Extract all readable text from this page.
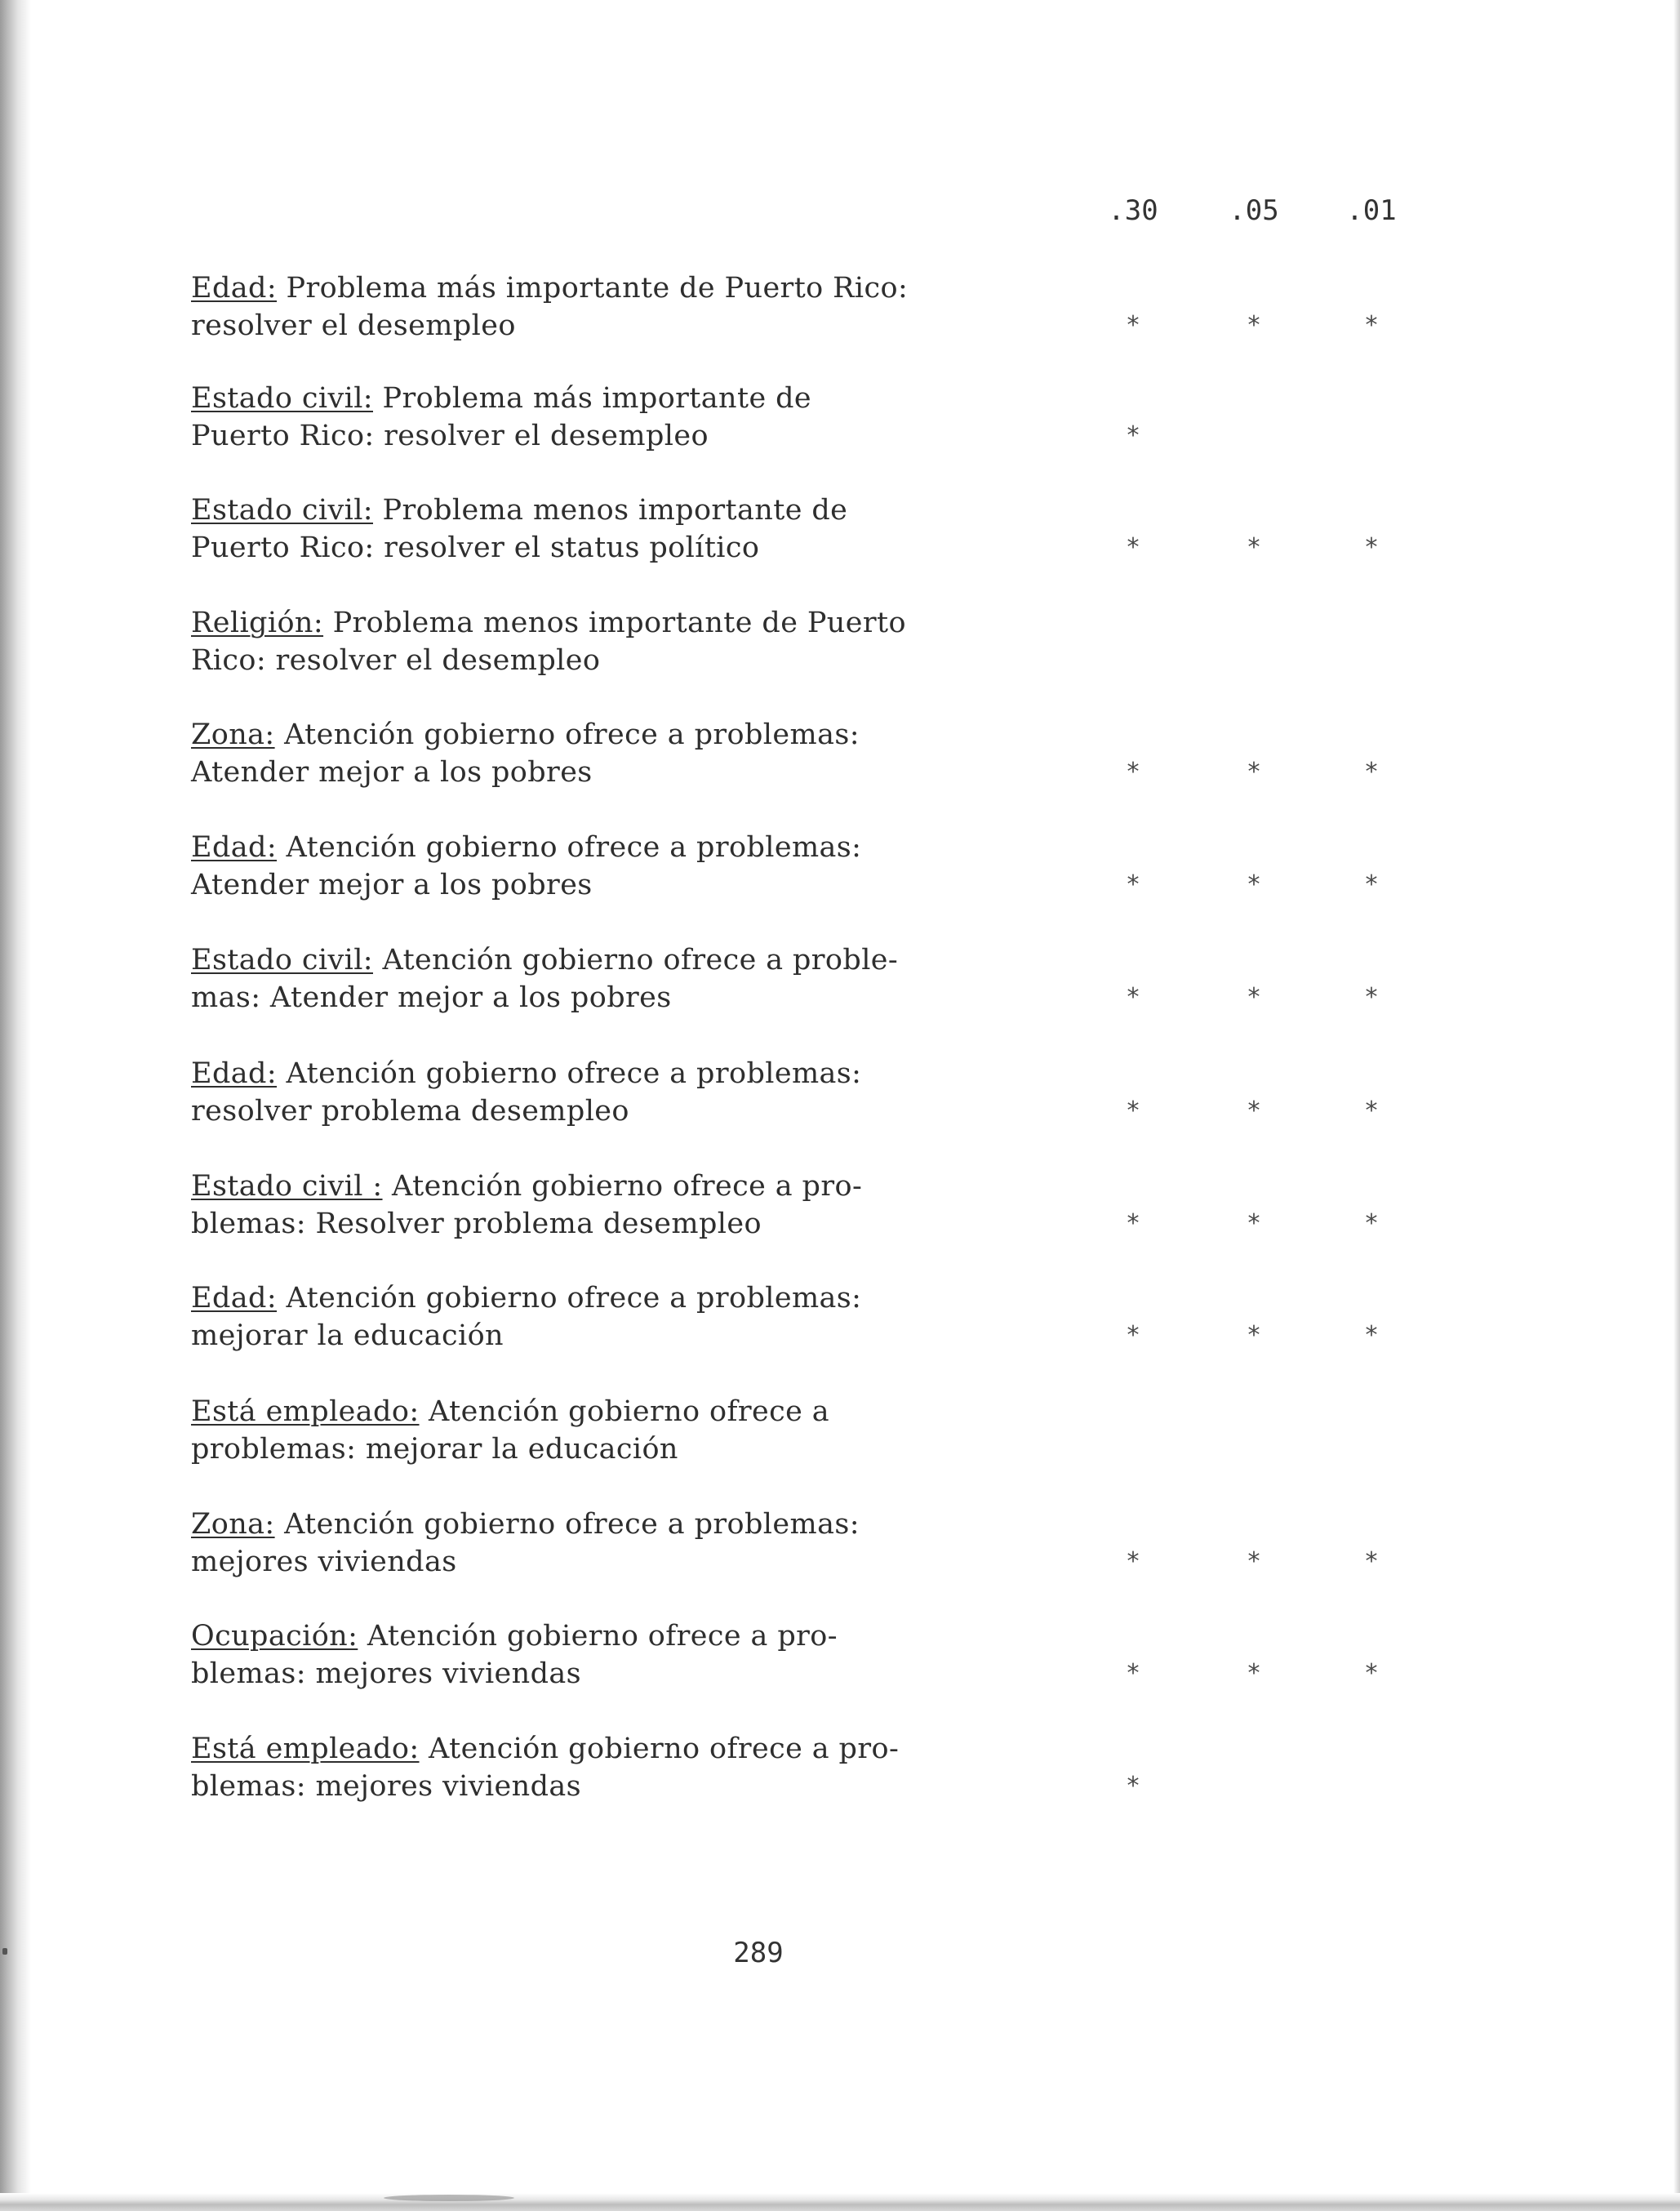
.30	.05	.01
Edad: Problema más importante de Puerto Rico:
resolver el desempleo	*	*	*
Estado civil: Problema más importante de
Puerto Rico: resolver el desempleo	*
Estado civil: Problema menos importante de
Puerto Rico: resolver el status político	*	*	*
Religión: Problema menos importante de Puerto
Rico: resolver el desempleo
Zona: Atención gobierno ofrece a problemas:
Atender mejor a los pobres	*	*	*
Edad: Atención gobierno ofrece a problemas:
Atender mejor a los pobres	*	*	*
Estado civil: Atención gobierno ofrece a proble-
mas: Atender mejor a los pobres	*	*	*
Edad: Atención gobierno ofrece a problemas:
resolver problema desempleo	*	*	*
Estado civil : Atención gobierno ofrece a pro-
blemas: Resolver problema desempleo	*	*	*
Edad: Atención gobierno ofrece a problemas:
mejorar la educación	*	*	*
Está empleado: Atención gobierno ofrece a
problemas: mejorar la educación
Zona: Atención gobierno ofrece a problemas:
mejores viviendas	*	*	*
Ocupación: Atención gobierno ofrece a pro-
blemas: mejores viviendas	*	*	*
Está empleado: Atención gobierno ofrece a pro-
blemas: mejores viviendas	*
289
